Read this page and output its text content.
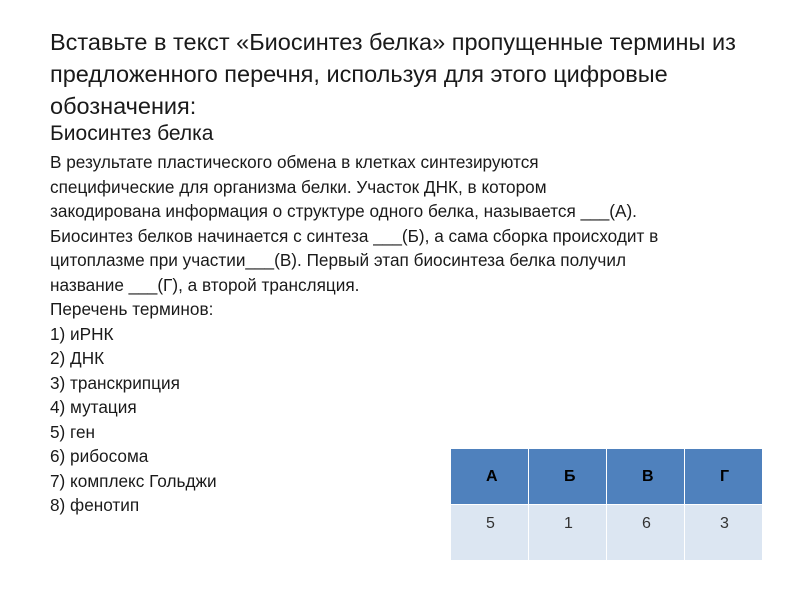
Вставьте в текст «Биосинтез белка» пропущенные термины из предложенного перечня, используя для этого цифровые обозначения:
Биосинтез белка

В результате пластического обмена в клетках синтезируются

специфические для организма белки. Участок ДНК, в котором

закодирована информация о структуре одного белка, называется ___(А).

Биосинтез белков начинается с синтеза ___(Б), а сама сборка происходит в

цитоплазме при участии___(В). Первый этап биосинтеза белка получил

название ___(Г), а второй трансляция.

Перечень терминов:

1) иРНК

2) ДНК

3) транскрипция

4) мутация

5) ген

6) рибосома

7) комплекс Гольджи

8) фенотип

А	Б	В	Г
5	1	6	3
